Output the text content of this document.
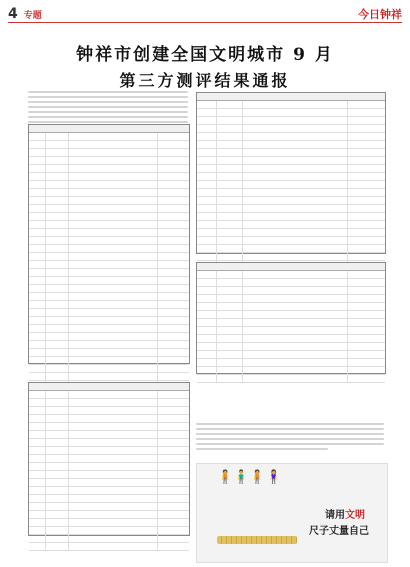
4 专题	今日钟祥
钟祥市创建全国文明城市 9 月
第三方测评结果通报
🧍🧍‍♂️🧍🧍‍♀️
请用文明
尺子丈量自己
